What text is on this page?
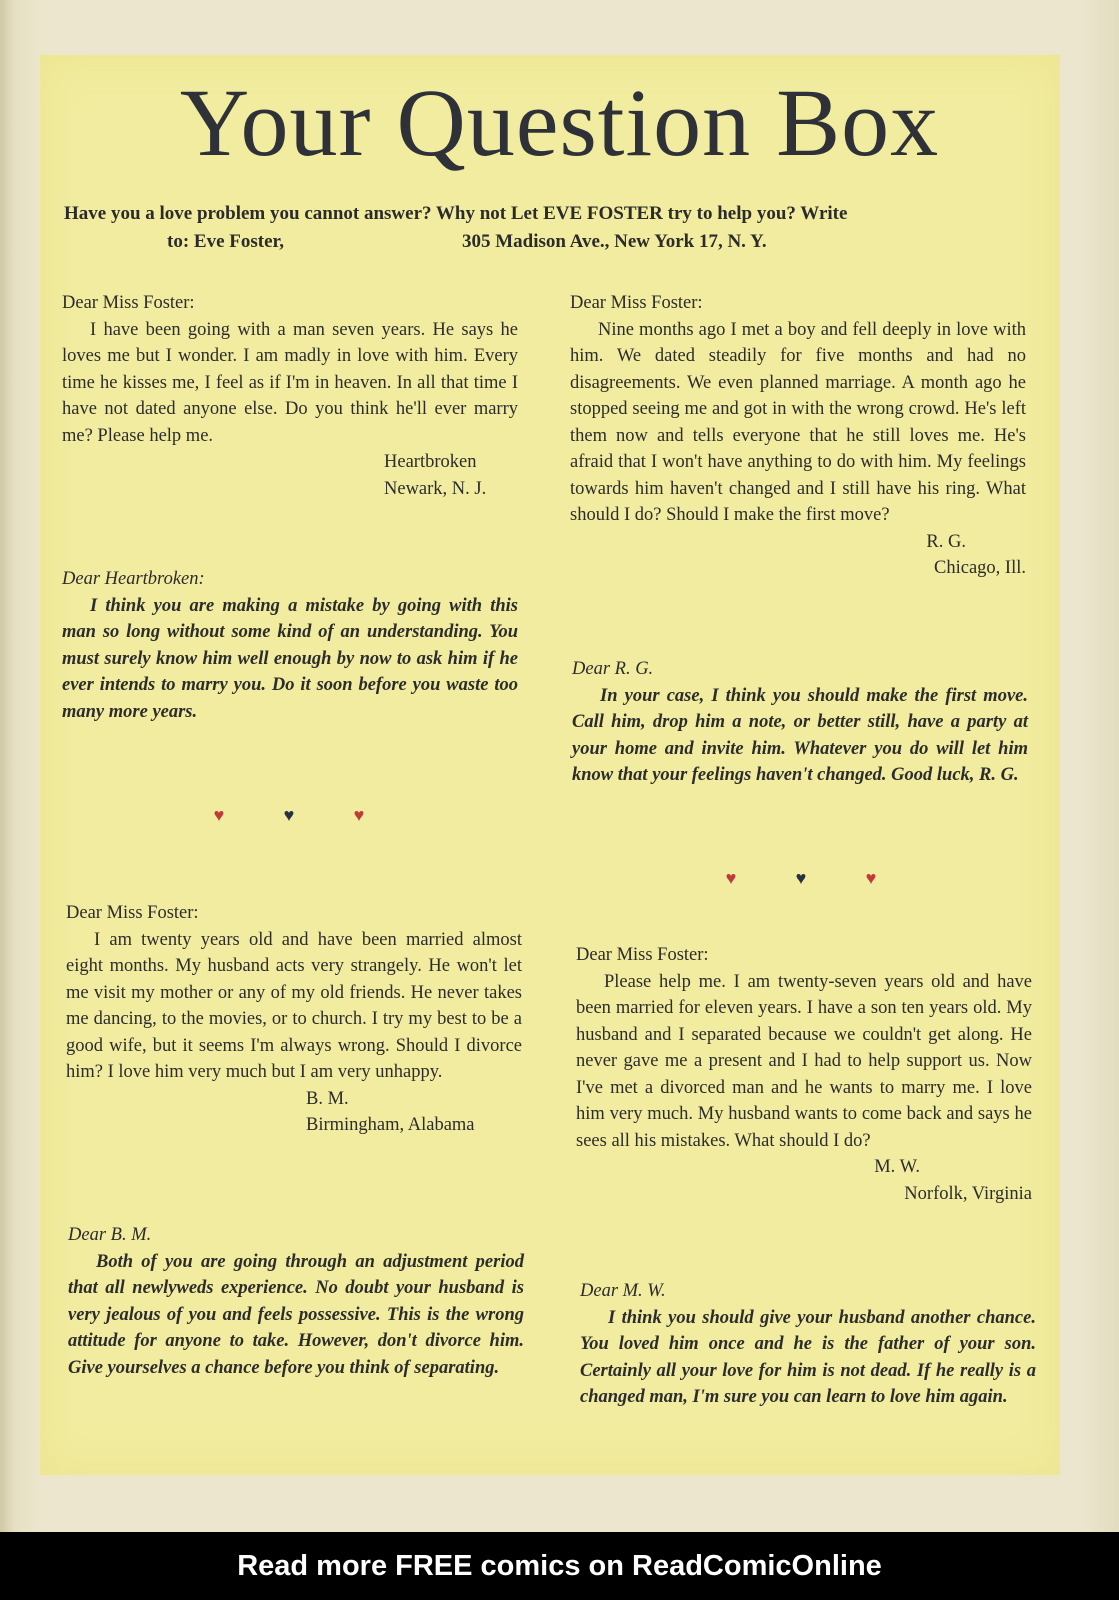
Your Question Box
Have you a love problem you cannot answer? Why not Let EVE FOSTER try to help you? Write
to: Eve Foster,	305 Madison Ave., New York 17, N. Y.

Dear Miss Foster:

I have been going with a man seven years. He says he loves me but I wonder. I am madly in love with him. Every time he kisses me, I feel as if I'm in heaven. In all that time I have not dated anyone else. Do you think he'll ever marry me? Please help me.

Heartbroken

Newark, N. J.

Dear Heartbroken:

I think you are making a mistake by going with this man so long without some kind of an understanding. You must surely know him well enough by now to ask him if he ever intends to marry you. Do it soon before you waste too many more years.

♥	♥	♥

Dear Miss Foster:

Nine months ago I met a boy and fell deeply in love with him. We dated steadily for five months and had no disagreements. We even planned marriage. A month ago he stopped seeing me and got in with the wrong crowd. He's left them now and tells everyone that he still loves me. He's afraid that I won't have anything to do with him. My feelings towards him haven't changed and I still have his ring. What should I do? Should I make the first move?

R. G.

Chicago, Ill.

Dear R. G.

In your case, I think you should make the first move. Call him, drop him a note, or better still, have a party at your home and invite him. Whatever you do will let him know that your feelings haven't changed. Good luck, R. G.

♥	♥	♥

Dear Miss Foster:

I am twenty years old and have been married almost eight months. My husband acts very strangely. He won't let me visit my mother or any of my old friends. He never takes me dancing, to the movies, or to church. I try my best to be a good wife, but it seems I'm always wrong. Should I divorce him? I love him very much but I am very unhappy.

B. M.

Birmingham, Alabama

Dear B. M.

Both of you are going through an adjustment period that all newlyweds experience. No doubt your husband is very jealous of you and feels possessive. This is the wrong attitude for anyone to take. However, don't divorce him. Give yourselves a chance before you think of separating.

Dear Miss Foster:

Please help me. I am twenty-seven years old and have been married for eleven years. I have a son ten years old. My husband and I separated because we couldn't get along. He never gave me a present and I had to help support us. Now I've met a divorced man and he wants to marry me. I love him very much. My husband wants to come back and says he sees all his mistakes. What should I do?

M. W.

Norfolk, Virginia

Dear M. W.

I think you should give your husband another chance. You loved him once and he is the father of your son. Certainly all your love for him is not dead. If he really is a changed man, I'm sure you can learn to love him again.

Read more FREE comics on ReadComicOnline
